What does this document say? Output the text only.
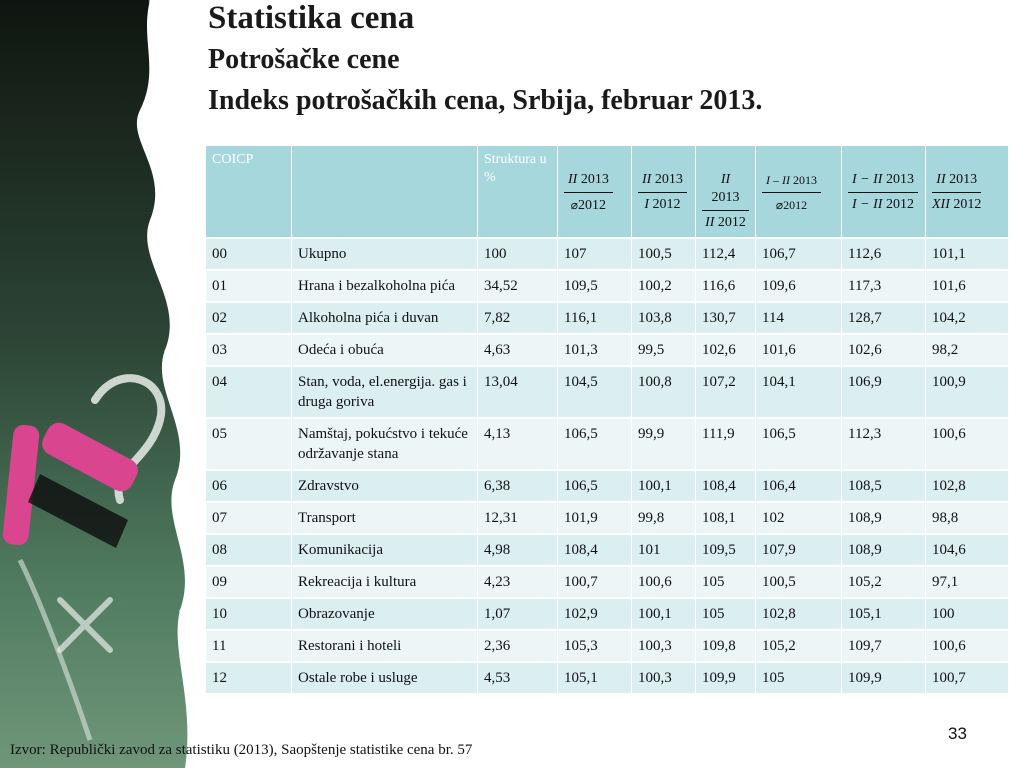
Statistika cena
Potrošačke cene
Indeks potrošačkih cena, Srbija, februar 2013.
COICP		Struktura u %	$\frac{II 2013}{⌀2012}$	$\frac{II 2013}{I 2012}$	$\frac{II 2013}{II 2012}$	$\frac{I - II 2013}{⌀2012}$	$\frac{I - II 2013}{I - II 2012}$	$\frac{II 2013}{\text{XII 2012}}$

00	Ukupno	100	107	100,5	112,4	106,7	112,6	101,1
01	Hrana i bezalkoholna pića	34,52	109,5	100,2	116,6	109,6	117,3	101,6
02	Alkoholna pića i duvan	7,82	116,1	103,8	130,7	114	128,7	104,2
03	Odeća i obuća	4,63	101,3	99,5	102,6	101,6	102,6	98,2
04	Stan, voda, el.energija. gas i druga goriva	13,04	104,5	100,8	107,2	104,1	106,9	100,9
05	Namštaj, pokućstvo i tekuće održavanje stana	4,13	106,5	99,9	111,9	106,5	112,3	100,6
06	Zdravstvo	6,38	106,5	100,1	108,4	106,4	108,5	102,8
07	Transport	12,31	101,9	99,8	108,1	102	108,9	98,8
08	Komunikacija	4,98	108,4	101	109,5	107,9	108,9	104,6
09	Rekreacija i kultura	4,23	100,7	100,6	105	100,5	105,2	97,1
10	Obrazovanje	1,07	102,9	100,1	105	102,8	105,1	100
11	Restorani i hoteli	2,36	105,3	100,3	109,8	105,2	109,7	100,6
12	Ostale robe i usluge	4,53	105,1	100,3	109,9	105	109,9	100,7

Izvor: Republički zavod za statistiku (2013), Saopštenje statistike cena br. 57

33
